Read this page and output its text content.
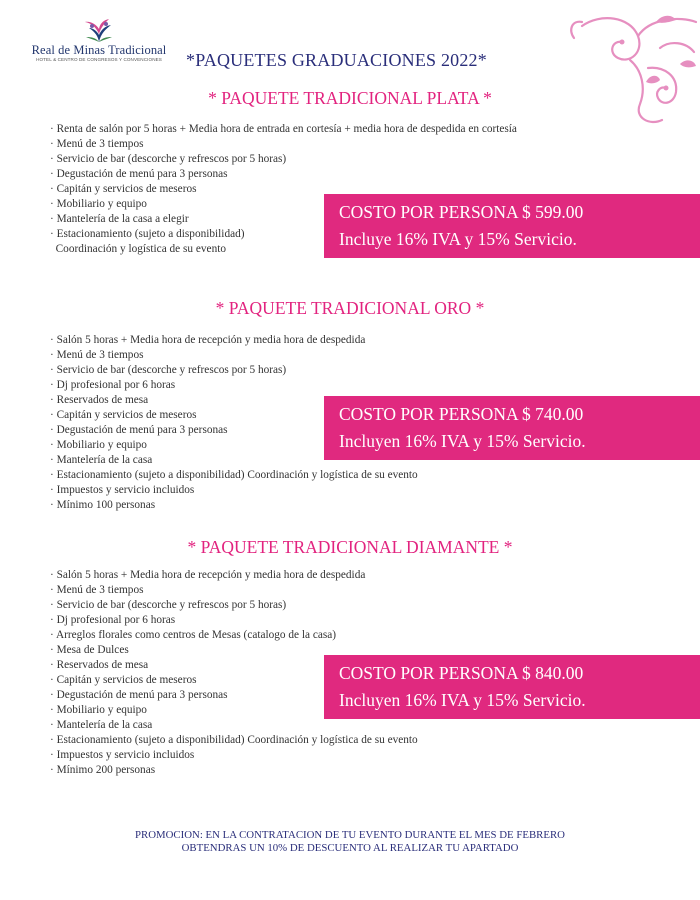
Real de Minas Tradicional
HOTEL & CENTRO DE CONGRESOS Y CONVENCIONES	*PAQUETES GRADUACIONES 2022*
* PAQUETE TRADICIONAL PLATA *
· Renta de salón por 5 horas + Media hora de entrada en cortesía + media hora de despedida en cortesía
· Menú de 3 tiempos
· Servicio de bar (descorche y refrescos por 5 horas)
· Degustación de menú para 3 personas
· Capitán y servicios de meseros
· Mobiliario y equipo
· Mantelería de la casa a elegir
· Estacionamiento (sujeto a disponibilidad)
Coordinación y logística de su evento
COSTO POR PERSONA $ 599.00
Incluye 16% IVA y 15% Servicio.
* PAQUETE TRADICIONAL ORO *
· Salón 5 horas + Media hora de recepción y media hora de despedida
· Menú de 3 tiempos
· Servicio de bar (descorche y refrescos por 5 horas)
· Dj profesional por 6 horas
· Reservados de mesa
· Capitán y servicios de meseros
· Degustación de menú para 3 personas
· Mobiliario y equipo
· Mantelería de la casa
· Estacionamiento (sujeto a disponibilidad) Coordinación y logística de su evento
· Impuestos y servicio incluidos
· Mínimo 100 personas
COSTO POR PERSONA $ 740.00
Incluyen 16% IVA y 15% Servicio.
* PAQUETE TRADICIONAL DIAMANTE *
· Salón 5 horas + Media hora de recepción y media hora de despedida
· Menú de 3 tiempos
· Servicio de bar (descorche y refrescos por 5 horas)
· Dj profesional por 6 horas
· Arreglos florales como centros de Mesas (catalogo de la casa)
· Mesa de Dulces
· Reservados de mesa
· Capitán y servicios de meseros
· Degustación de menú para 3 personas
· Mobiliario y equipo
· Mantelería de la casa
· Estacionamiento (sujeto a disponibilidad) Coordinación y logística de su evento
· Impuestos y servicio incluidos
· Mínimo 200 personas
COSTO POR PERSONA $ 840.00
Incluyen 16% IVA y 15% Servicio.
PROMOCION: EN LA CONTRATACION DE TU EVENTO DURANTE EL MES DE FEBRERO
OBTENDRAS UN 10% DE DESCUENTO AL REALIZAR TU APARTADO
